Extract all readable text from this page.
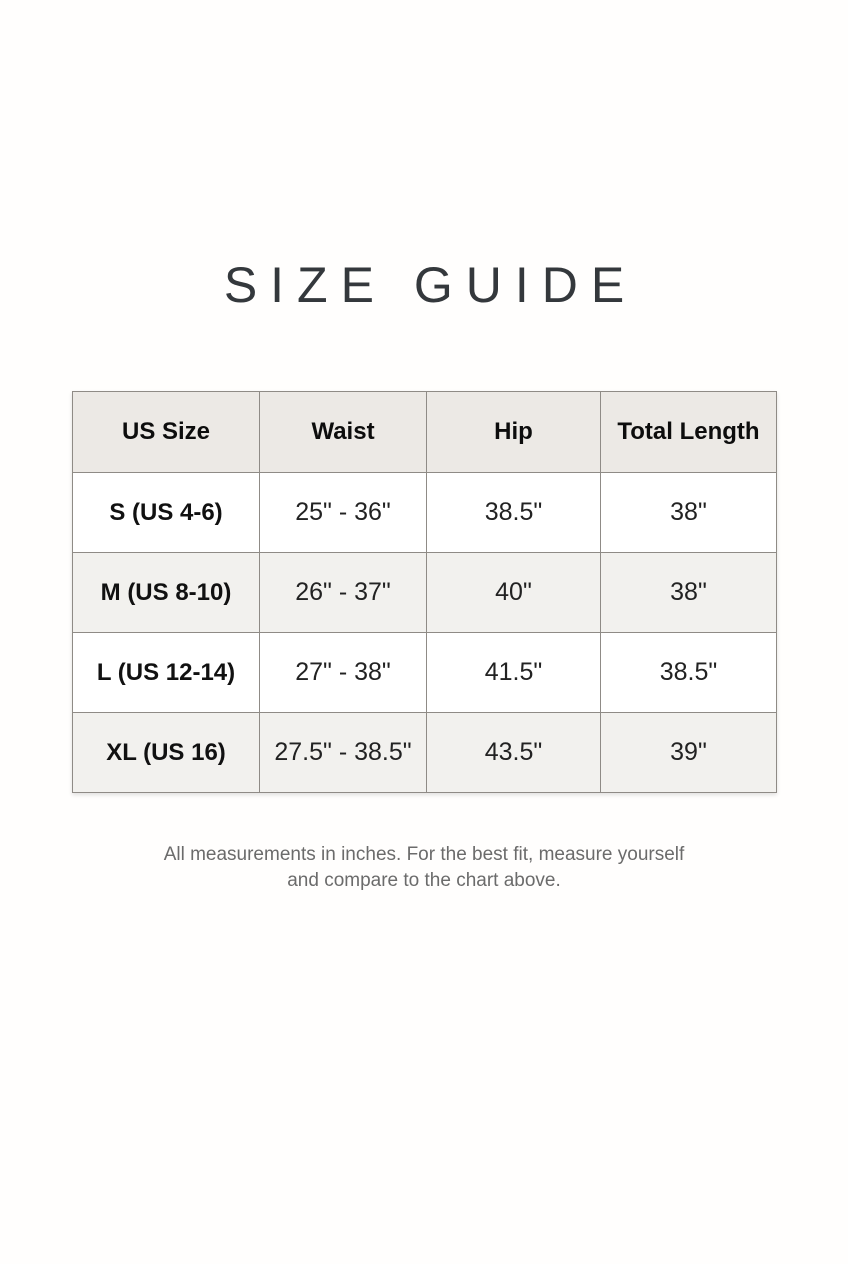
SIZE GUIDE
US Size	Waist	Hip	Total Length
S (US 4-6)	25" - 36"	38.5"	38"
M (US 8-10)	26" - 37"	40"	38"
L (US 12-14)	27" - 38"	41.5"	38.5"
XL (US 16)	27.5" - 38.5"	43.5"	39"
All measurements in inches. For the best fit, measure yourself
and compare to the chart above.
